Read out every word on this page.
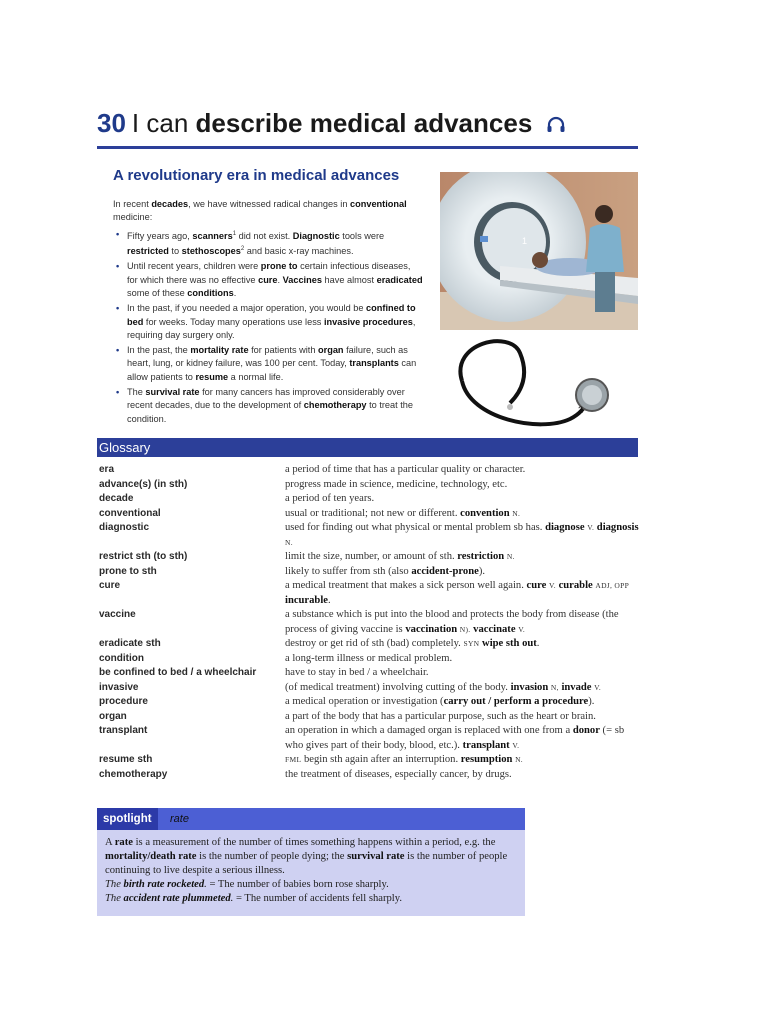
30 I can describe medical advances
A revolutionary era in medical advances

In recent decades, we have witnessed radical changes in conventional medicine:

• Fifty years ago, scanners$^1$ did not exist. Diagnostic tools were restricted to stethoscopes$^2$ and basic x-ray machines.
• Until recent years, children were prone to certain infectious diseases, for which there was no effective cure. Vaccines have almost eradicated some of these conditions.
• In the past, if you needed a major operation, you would be confined to bed for weeks. Today many operations use less invasive procedures, requiring day surgery only.
• In the past, the mortality rate for patients with organ failure, such as heart, lung, or kidney failure, was 100 per cent. Today, transplants can allow patients to resume a normal life.
• The survival rate for many cancers has improved considerably over recent decades, due to the development of chemotherapy to treat the condition.
1
2
Glossary
era	a period of time that has a particular quality or character.
advance(s) (in sth)	progress made in science, medicine, technology, etc.
decade	a period of ten years.
conventional	usual or traditional; not new or different. convention N.
diagnostic	used for finding out what physical or mental problem sb has. diagnose V. diagnosis N.
restrict sth (to sth)	limit the size, number, or amount of sth. restriction N.
prone to sth	likely to suffer from sth (also accident-prone).
cure	a medical treatment that makes a sick person well again. cure V. curable ADJ, OPP incurable.
vaccine	a substance which is put into the blood and protects the body from disease (the process of giving vaccine is vaccination N). vaccinate V.
eradicate sth	destroy or get rid of sth (bad) completely. SYN wipe sth out.
condition	a long-term illness or medical problem.
be confined to bed / a wheelchair	have to stay in bed / a wheelchair.
invasive	(of medical treatment) involving cutting of the body. invasion N, invade V.
procedure	a medical operation or investigation (carry out / perform a procedure).
organ	a part of the body that has a particular purpose, such as the heart or brain.
transplant	an operation in which a damaged organ is replaced with one from a donor (= sb who gives part of their body, blood, etc.). transplant V.
resume sth	FML begin sth again after an interruption. resumption N.
chemotherapy	the treatment of diseases, especially cancer, by drugs.
spotlight	rate

A rate is a measurement of the number of times something happens within a period, e.g. the mortality/death rate is the number of people dying; the survival rate is the number of people continuing to live despite a serious illness.

The birth rate rocketed. = The number of babies born rose sharply.

The accident rate plummeted. = The number of accidents fell sharply.
